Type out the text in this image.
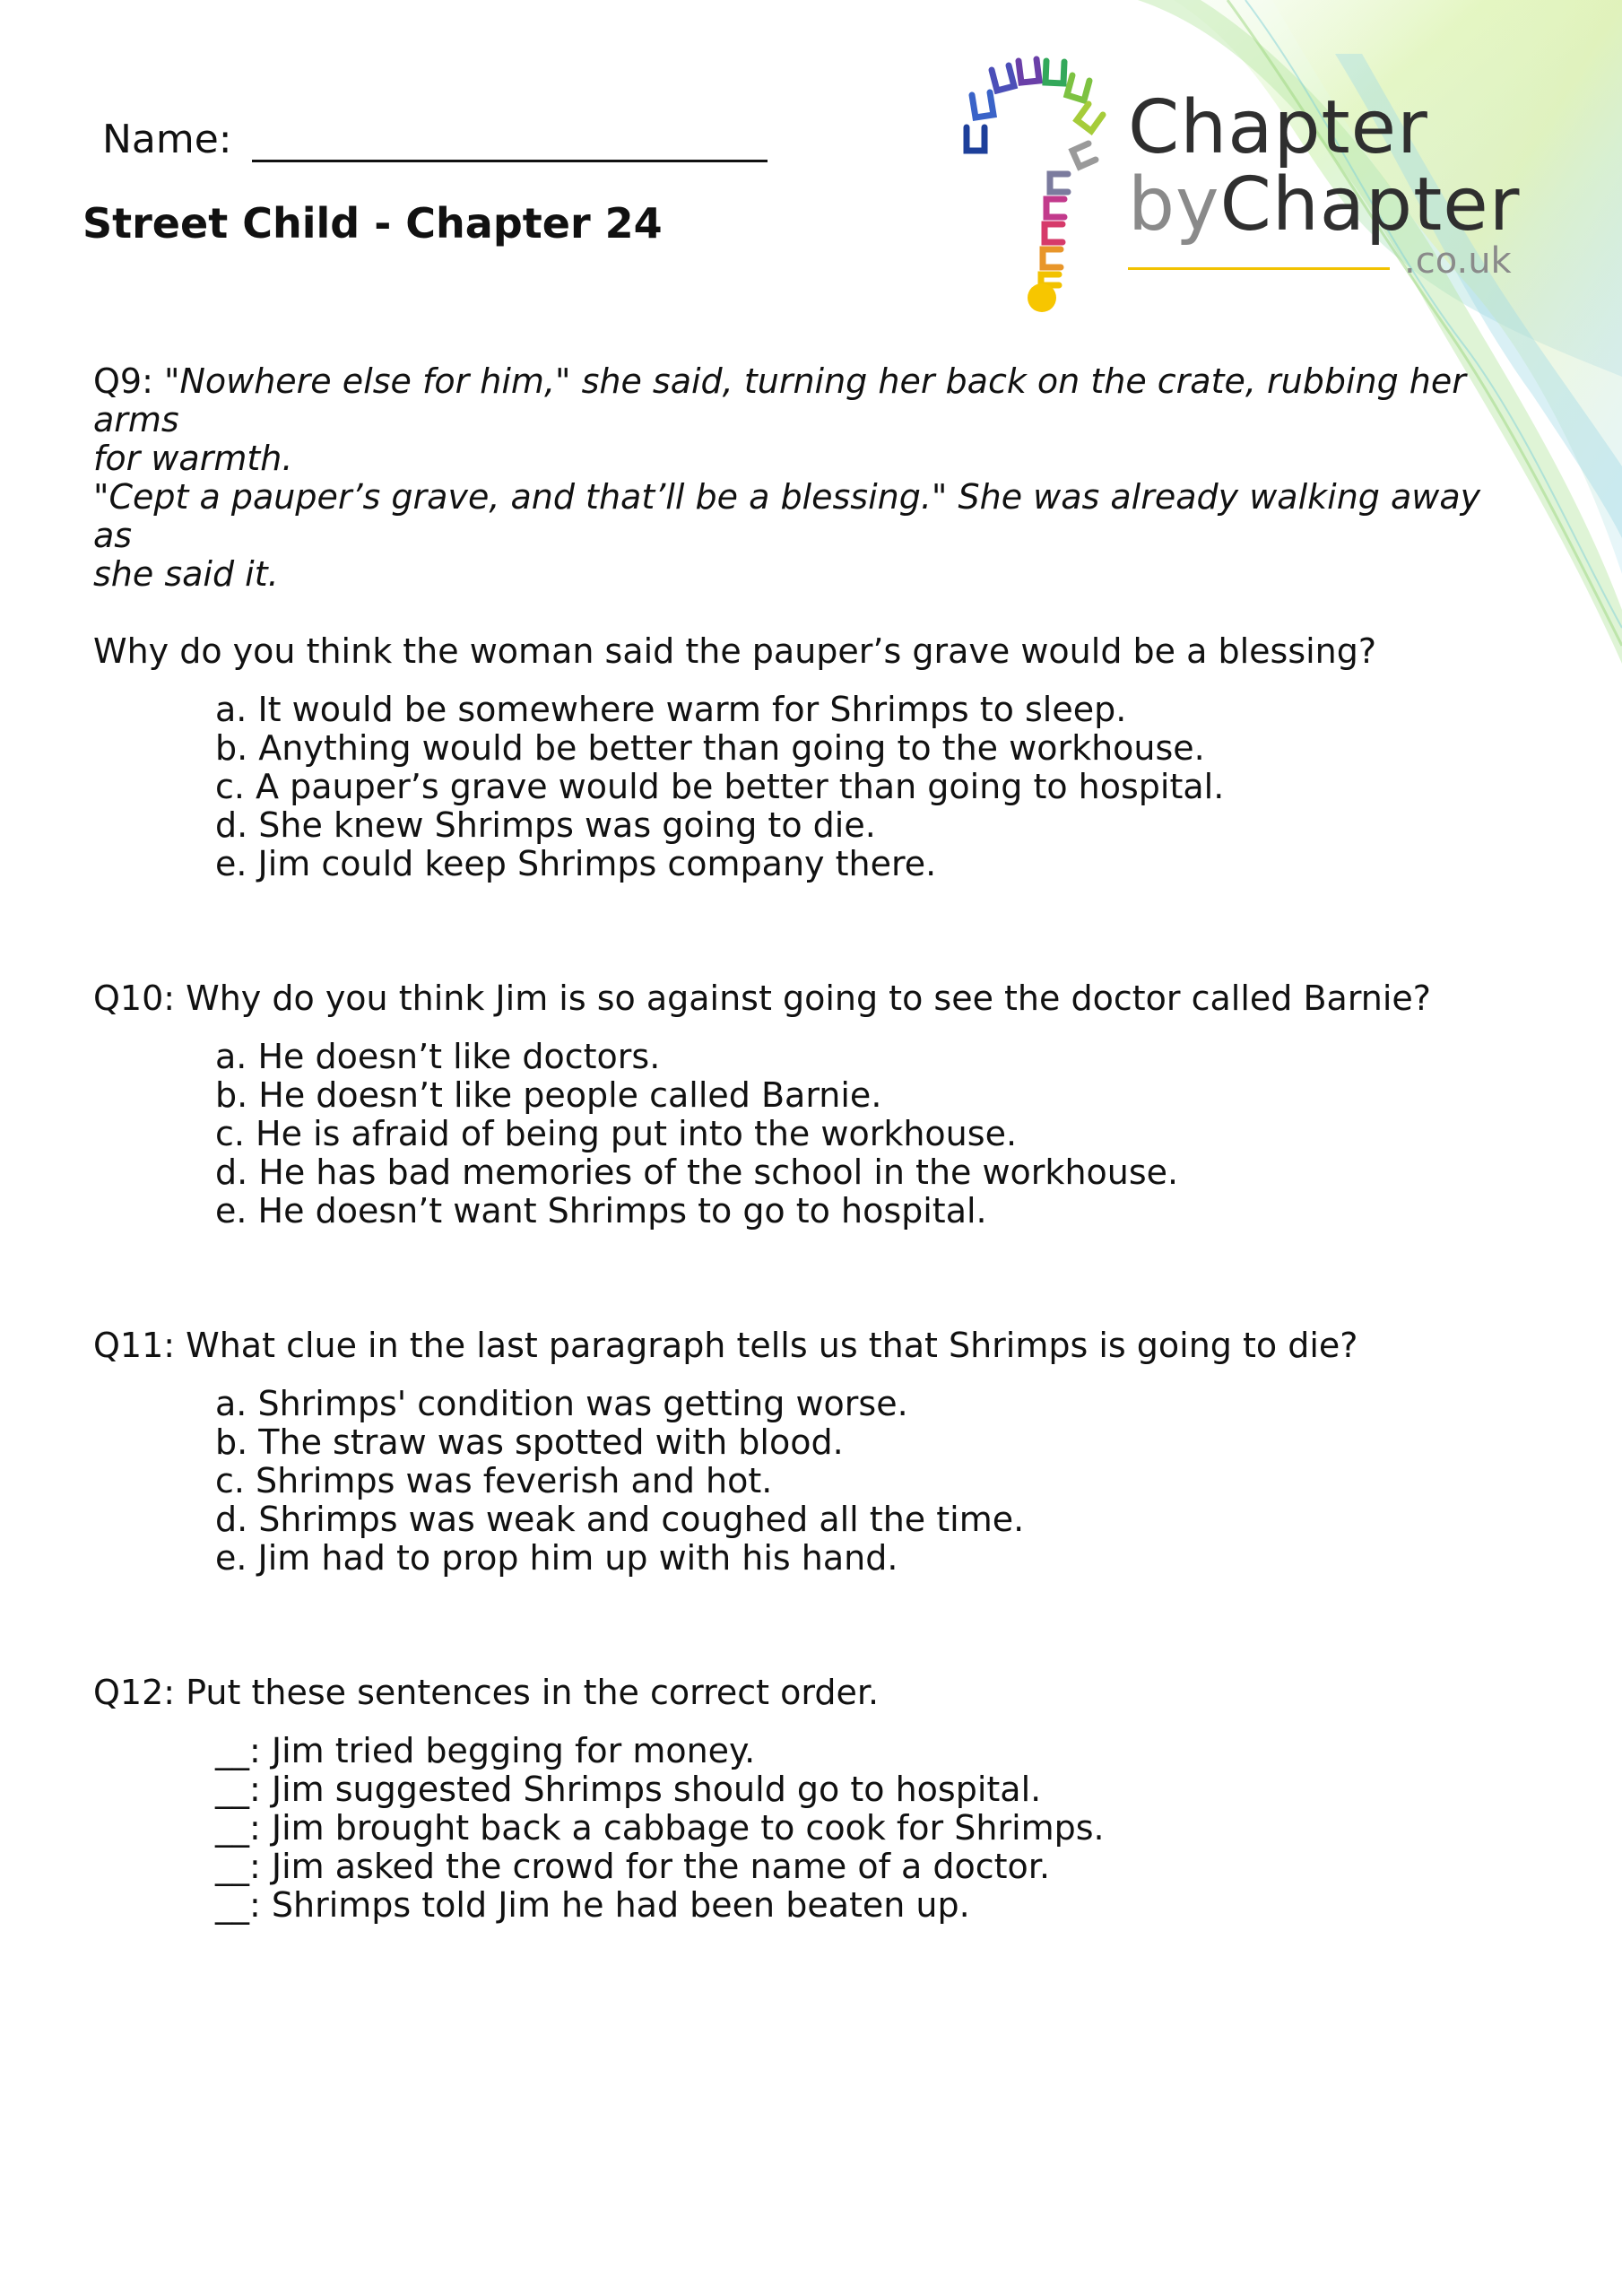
Name:
Street Child - Chapter 24
Chapter
byChapter
.co.uk
Q9: "Nowhere else for him," she said, turning her back on the crate, rubbing her arms
for warmth.
"Cept a pauper’s grave, and that’ll be a blessing." She was already walking away as
she said it.
Why do you think the woman said the pauper’s grave would be a blessing?
a. It would be somewhere warm for Shrimps to sleep.
b. Anything would be better than going to the workhouse.
c. A pauper’s grave would be better than going to hospital.
d. She knew Shrimps was going to die.
e. Jim could keep Shrimps company there.
Q10: Why do you think Jim is so against going to see the doctor called Barnie?
a. He doesn’t like doctors.
b. He doesn’t like people called Barnie.
c. He is afraid of being put into the workhouse.
d. He has bad memories of the school in the workhouse.
e. He doesn’t want Shrimps to go to hospital.
Q11: What clue in the last paragraph tells us that Shrimps is going to die?
a. Shrimps' condition was getting worse.
b. The straw was spotted with blood.
c. Shrimps was feverish and hot.
d. Shrimps was weak and coughed all the time.
e. Jim had to prop him up with his hand.
Q12: Put these sentences in the correct order.
__: Jim tried begging for money.
__: Jim suggested Shrimps should go to hospital.
__: Jim brought back a cabbage to cook for Shrimps.
__: Jim asked the crowd for the name of a doctor.
__: Shrimps told Jim he had been beaten up.
